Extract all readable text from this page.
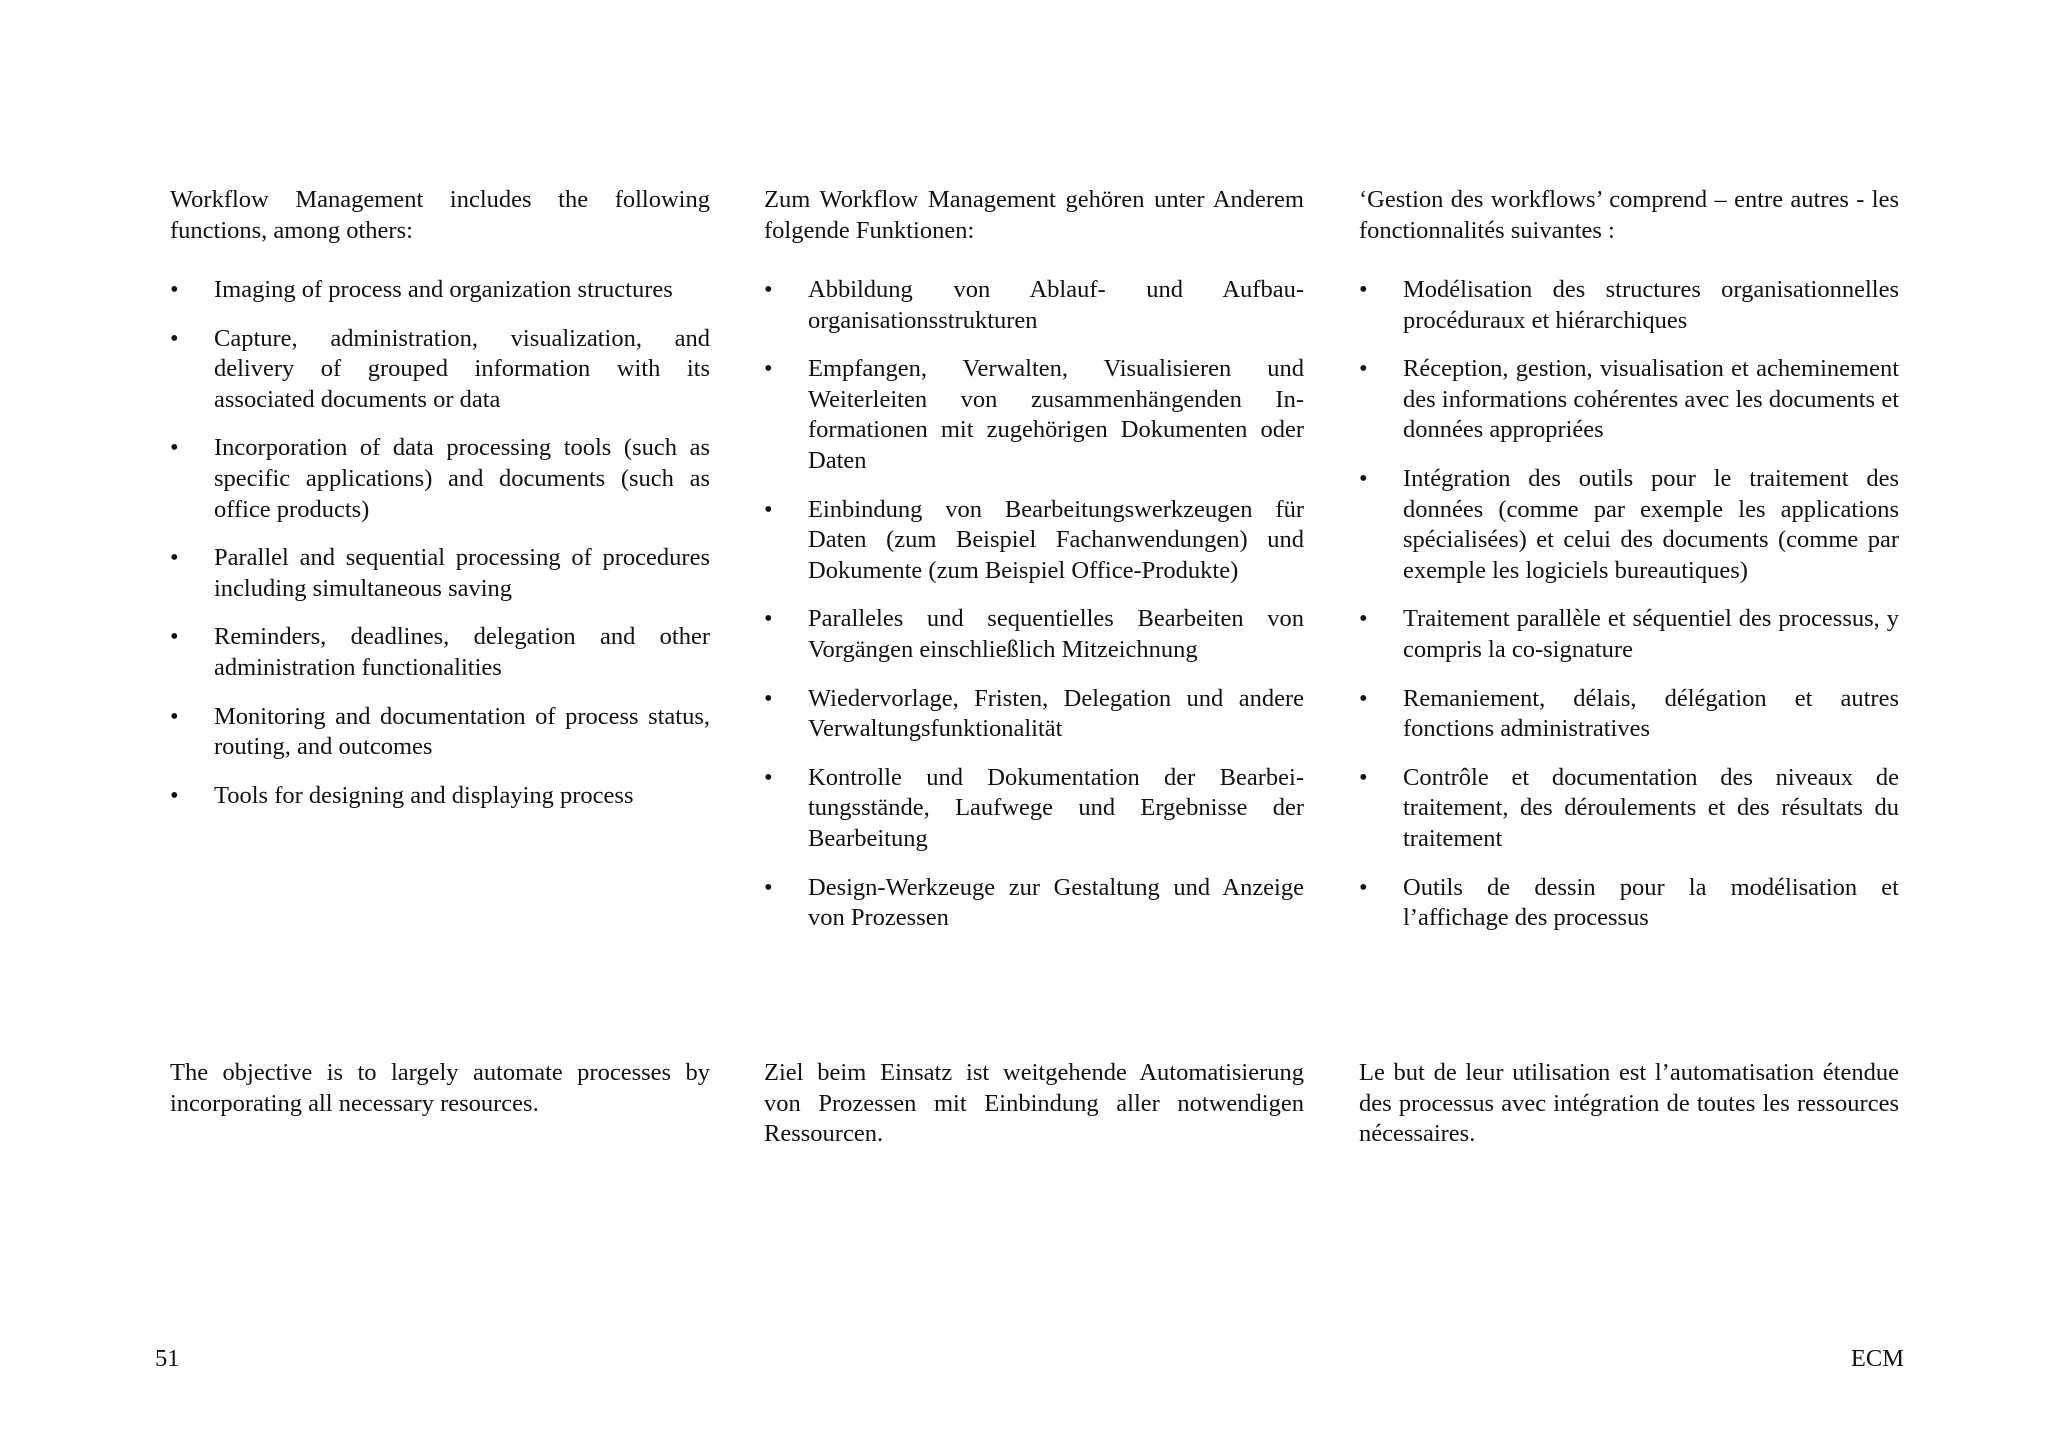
Workflow Management includes the following functions, among others:

•	Imaging of process and organization structures
•	Capture, administration, visualization, and delivery of grouped information with its associated documents or data
•	Incorporation of data processing tools (such as specific applications) and documents (such as office products)
•	Parallel and sequential processing of procedures including simultaneous saving
•	Reminders, deadlines, delegation and other administration functionalities
•	Monitoring and documentation of process status, routing, and outcomes
•	Tools for designing and displaying process

The objective is to largely automate processes by incorporating all necessary resources.

Zum Workflow Management gehören unter Anderem folgende Funktionen:

•	Abbildung von Ablauf- und Aufbauorganisationsstrukturen
•	Empfangen, Verwalten, Visualisieren und Weiterleiten von zusammenhängenden Informationen mit zugehörigen Dokumenten oder Daten
•	Einbindung von Bearbeitungswerkzeugen für Daten (zum Beispiel Fachanwendungen) und Dokumente (zum Beispiel Office-Produkte)
•	Paralleles und sequentielles Bearbeiten von Vorgängen einschließlich Mitzeichnung
•	Wiedervorlage, Fristen, Delegation und andere Verwaltungsfunktionalität
•	Kontrolle und Dokumentation der Bearbeitungsstände, Laufwege und Ergebnisse der Bearbeitung
•	Design-Werkzeuge zur Gestaltung und Anzeige von Prozessen

Ziel beim Einsatz ist weitgehende Automatisierung von Prozessen mit Einbindung aller notwendigen Ressourcen.

‘Gestion des workflows’ comprend – entre autres - les fonctionnalités suivantes :

•	Modélisation des structures organisationnelles procéduraux et hiérarchiques
•	Réception, gestion, visualisation et acheminement des informations cohérentes avec les documents et données appropriées
•	Intégration des outils pour le traitement des données (comme par exemple les applications spécialisées) et celui des documents (comme par exemple les logiciels bureautiques)
•	Traitement parallèle et séquentiel des processus, y compris la co-signature
•	Remaniement, délais, délégation et autres fonctions administratives
•	Contrôle et documentation des niveaux de traitement, des déroulements et des résultats du traitement
•	Outils de dessin pour la modélisation et l’affichage des processus

Le but de leur utilisation est l’automatisation étendue des processus avec intégration de toutes les ressources nécessaires.

51	ECM
